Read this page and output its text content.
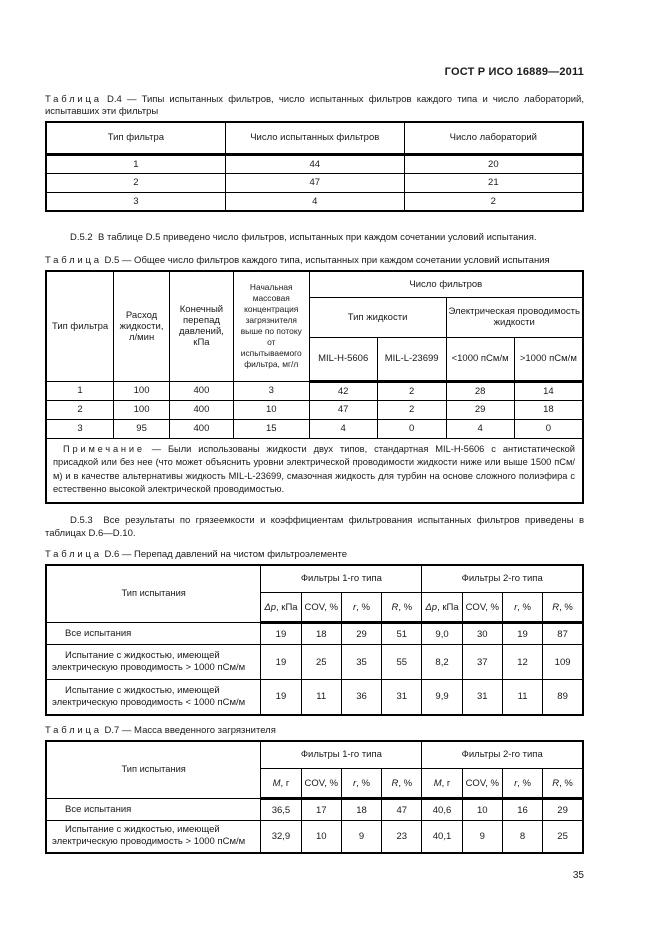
ГОСТ Р ИСО 16889—2011

Таблица D.4 — Типы испытанных фильтров, число испытанных фильтров каждого типа и число лабораторий, испытавших эти фильтры

Тип фильтра	Число испытанных фильтров	Число лабораторий
1	44	20
2	47	21
3	4	2

D.5.2  В таблице D.5 приведено число фильтров, испытанных при каждом сочетании условий испытания.

Таблица D.5 — Общее число фильтров каждого типа, испытанных при каждом сочетании условий испытания

Тип фильтра	Расход жидкости, л/мин	Конечный перепад давлений, кПа	Начальная массовая концентрация загрязнителя выше по потоку от испытываемого фильтра, мг/л	Число фильтров			
				Тип жидкости		Электрическая проводимость жидкости	
				MIL-H-5606	MIL-L-23699	<1000 пСм/м	>1000 пСм/м
1	100	400	3	42	2	28	14
2	100	400	10	47	2	29	18
3	95	400	15	4	0	4	0
Примечание — Были использованы жидкости двух типов, стандартная MIL-H-5606 с антистатической присадкой или без нее (что может объяснить уровни электрической проводимости жидкости ниже или выше 1500 пСм/м) и в качестве альтернативы жидкость MIL-L-23699, смазочная жидкость для турбин на основе сложного полиэфира с естественно высокой электрической проводимостью.							

D.5.3  Все результаты по грязеемкости и коэффициентам фильтрования испытанных фильтров приведены в таблицах D.6—D.10.

Таблица D.6 — Перепад давлений на чистом фильтроэлементе

Тип испытания	Фильтры 1-го типа				Фильтры 2-го типа			
	Δp, кПа	COV, %	r, %	R, %	Δp, кПа	COV, %	r, %	R, %
Все испытания	19	18	29	51	9,0	30	19	87
Испытание с жидкостью, имеющей электрическую проводимость > 1000 пСм/м	19	25	35	55	8,2	37	12	109
Испытание с жидкостью, имеющей электрическую проводимость < 1000 пСм/м	19	11	36	31	9,9	31	11	89

Таблица D.7 — Масса введенного загрязнителя

Тип испытания	Фильтры 1-го типа				Фильтры 2-го типа			
	M, г	COV, %	r, %	R, %	M, г	COV, %	r, %	R, %
Все испытания	36,5	17	18	47	40,6	10	16	29
Испытание с жидкостью, имеющей электрическую проводимость > 1000 пСм/м	32,9	10	9	23	40,1	9	8	25
35
